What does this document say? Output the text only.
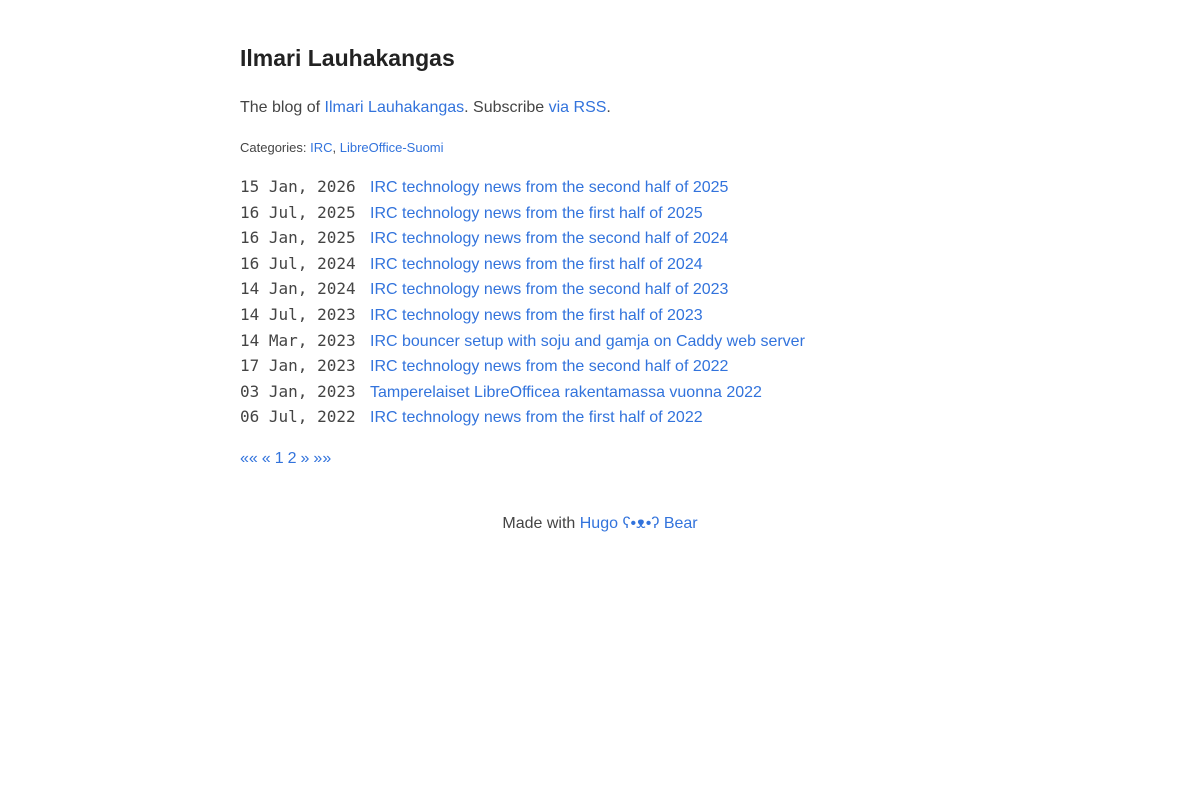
Ilmari Lauhakangas

The blog of Ilmari Lauhakangas. Subscribe via RSS.

Categories: IRC, LibreOffice-Suomi

15 Jan, 2026 IRC technology news from the second half of 2025
16 Jul, 2025 IRC technology news from the first half of 2025
16 Jan, 2025 IRC technology news from the second half of 2024
16 Jul, 2024 IRC technology news from the first half of 2024
14 Jan, 2024 IRC technology news from the second half of 2023
14 Jul, 2023 IRC technology news from the first half of 2023
14 Mar, 2023 IRC bouncer setup with soju and gamja on Caddy web server
17 Jan, 2023 IRC technology news from the second half of 2022
03 Jan, 2023 Tamperelaiset LibreOfficea rakentamassa vuonna 2022
06 Jul, 2022 IRC technology news from the first half of 2022
«« « 1 2 » »»
Made with Hugo ʕ•ᴥ•ʔ Bear
